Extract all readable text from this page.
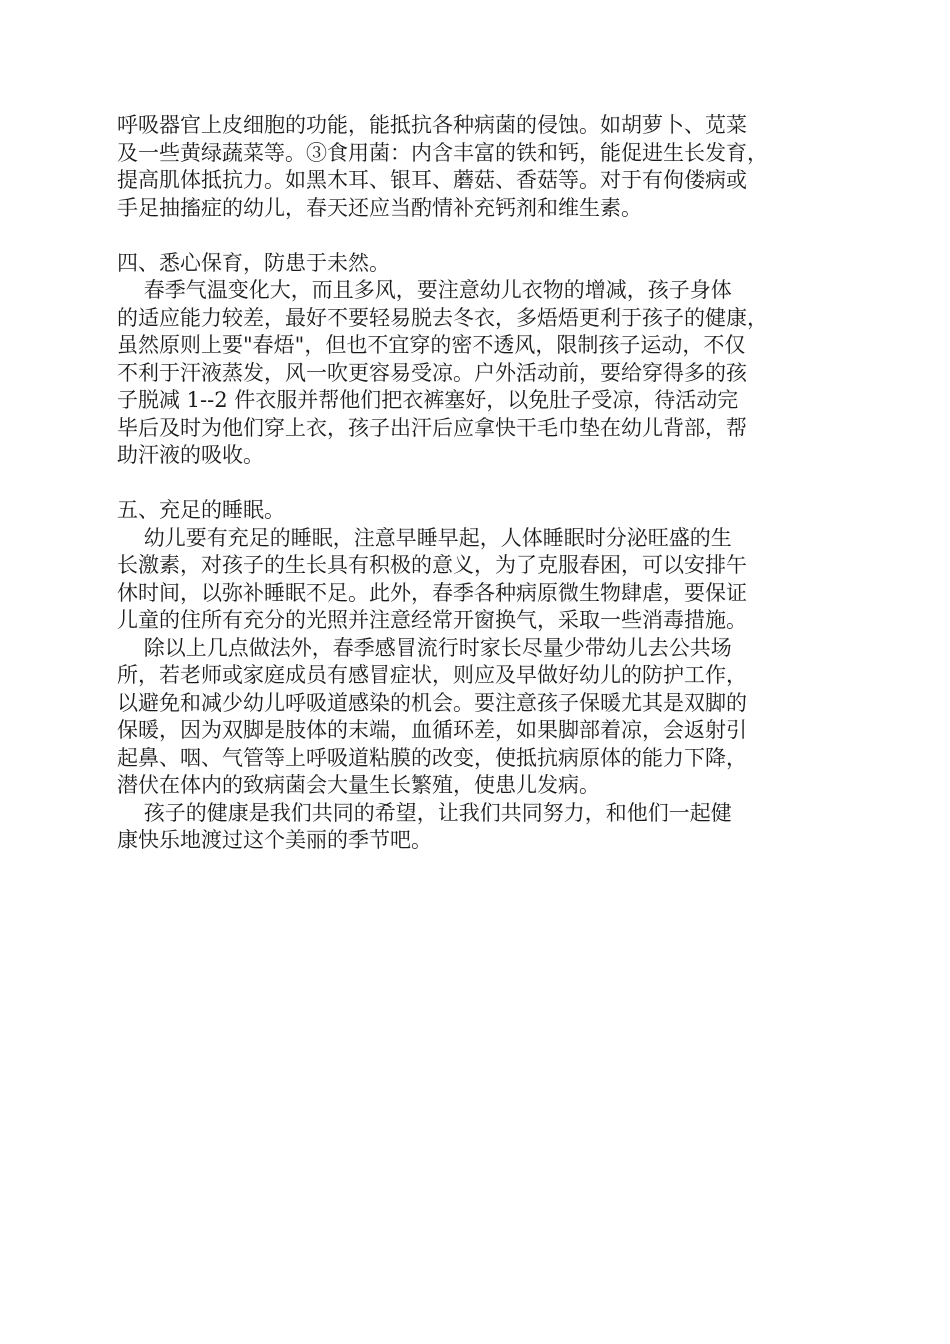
呼吸器官上皮细胞的功能，能抵抗各种病菌的侵蚀。如胡萝卜、苋菜
及一些黄绿蔬菜等。③食用菌：内含丰富的铁和钙，能促进生长发育，
提高肌体抵抗力。如黑木耳、银耳、蘑菇、香菇等。对于有佝偻病或
手足抽搐症的幼儿，春天还应当酌情补充钙剂和维生素。
四、悉心保育，防患于未然。
春季气温变化大，而且多风，要注意幼儿衣物的增减，孩子身体
的适应能力较差，最好不要轻易脱去冬衣，多焐焐更利于孩子的健康，
虽然原则上要"春焐"，但也不宜穿的密不透风，限制孩子运动，不仅
不利于汗液蒸发，风一吹更容易受凉。户外活动前，要给穿得多的孩
子脱减 1--2 件衣服并帮他们把衣裤塞好，以免肚子受凉，待活动完
毕后及时为他们穿上衣，孩子出汗后应拿快干毛巾垫在幼儿背部，帮
助汗液的吸收。
五、充足的睡眠。
幼儿要有充足的睡眠，注意早睡早起，人体睡眠时分泌旺盛的生
长激素，对孩子的生长具有积极的意义，为了克服春困，可以安排午
休时间，以弥补睡眠不足。此外，春季各种病原微生物肆虐，要保证
儿童的住所有充分的光照并注意经常开窗换气，采取一些消毒措施。
除以上几点做法外，春季感冒流行时家长尽量少带幼儿去公共场
所，若老师或家庭成员有感冒症状，则应及早做好幼儿的防护工作，
以避免和减少幼儿呼吸道感染的机会。要注意孩子保暖尤其是双脚的
保暖，因为双脚是肢体的末端，血循环差，如果脚部着凉，会返射引
起鼻、咽、气管等上呼吸道粘膜的改变，使抵抗病原体的能力下降，
潜伏在体内的致病菌会大量生长繁殖，使患儿发病。
孩子的健康是我们共同的希望，让我们共同努力，和他们一起健
康快乐地渡过这个美丽的季节吧。
